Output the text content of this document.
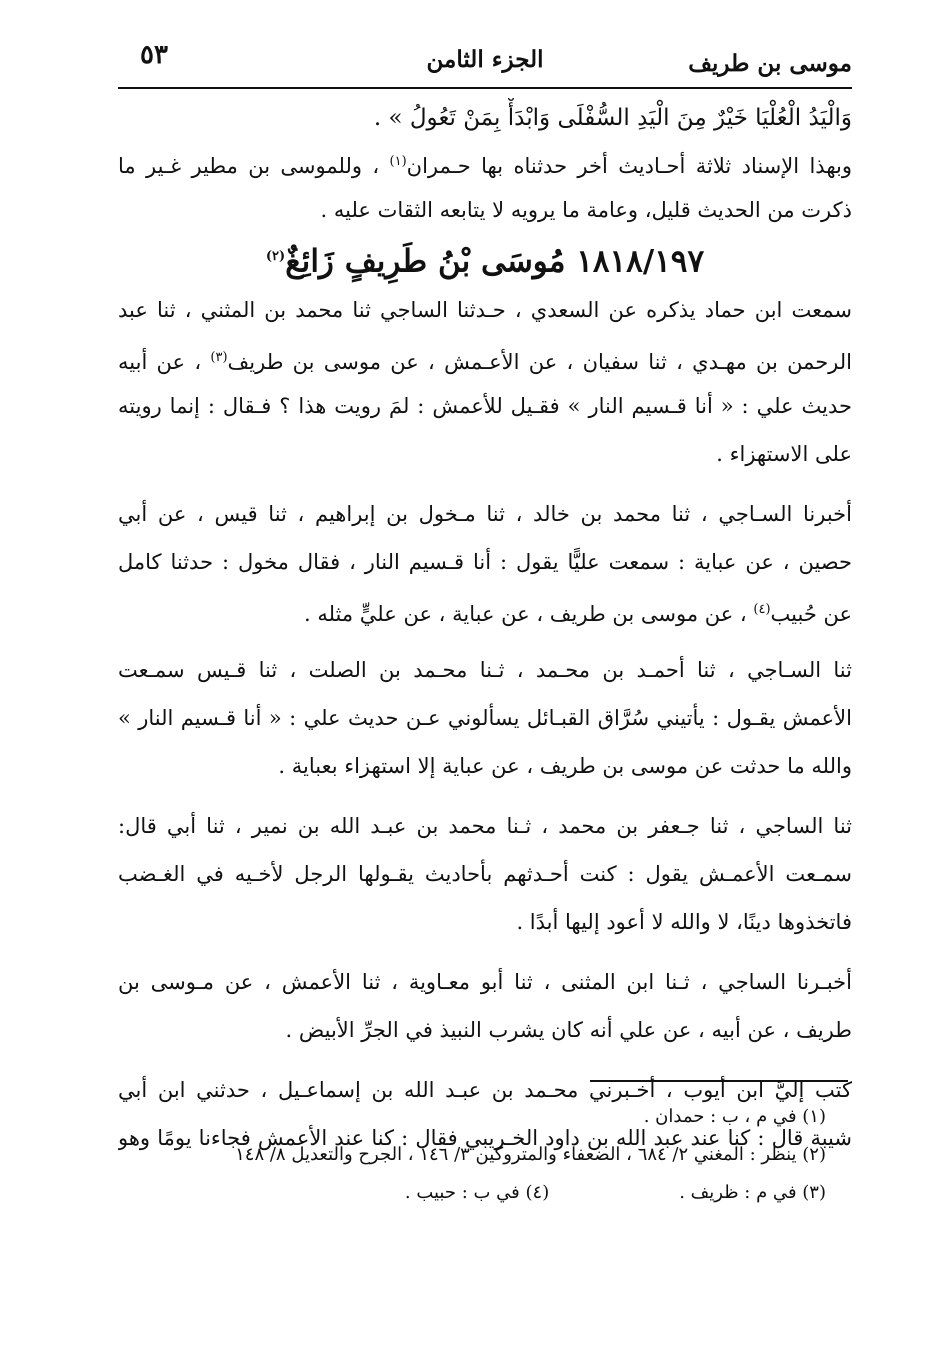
موسى بن طريف
الجزء الثامن
٥٣
وَالْيَدُ الْعُلْيَا خَيْرٌ مِنَ الْيَدِ السُّفْلَى وَابْدَأْ بِمَنْ تَعُولُ » .
وبهذا الإسناد ثلاثة أحـاديث أخر حدثناه بها حـمران$^{(١)}$ ، وللموسى بن مطير غـير ما
ذكرت من الحديث قليل، وعامة ما يرويه لا يتابعه الثقات عليه .
١٨١٨/١٩٧ مُوسَى بْنُ طَرِيفٍ زَائِغٌ$^{(٢)}$
سمعت ابن حماد يذكره عن السعدي ، حـدثنا الساجي ثنا محمد بن المثني ، ثنا عبد
الرحمن بن مهـدي ، ثنا سفيان ، عن الأعـمش ، عن موسى بن طريف$^{(٣)}$ ، عن أبيه
حديث علي : « أنا قـسيم النار » فقـيل للأعمش : لمَ رويت هذا ؟ فـقال : إنما رويته
على الاستهزاء .
أخبرنا السـاجي ، ثنا محمد بن خالد ، ثنا مـخول بن إبراهيم ، ثنا قيس ، عن أبي
حصين ، عن عباية : سمعت عليًّا يقول : أنا قـسيم النار ، فقال مخول : حدثنا كامل
عن حُبيب$^{(٤)}$ ، عن موسى بن طريف ، عن عباية ، عن عليٍّ مثله .
ثنا السـاجي ، ثنا أحمـد بن محـمد ، ثـنا محـمد بن الصلت ، ثنا قـيس سمـعت
الأعمش يقـول : يأتيني سُرَّاق القبـائل يسألوني عـن حديث علي : « أنا قـسيم النار »
والله ما حدثت عن موسى بن طريف ، عن عباية إلا استهزاء بعباية .
ثنا الساجي ، ثنا جـعفر بن محمد ، ثـنا محمد بن عبـد الله بن نمير ، ثنا أبي قال:
سمـعت الأعمـش يقول : كنت أحـدثهم بأحاديث يقـولها الرجل لأخـيه في الغـضب
فاتخذوها دينًا، لا والله لا أعود إليها أبدًا .
أخبـرنا الساجي ، ثـنا ابن المثنى ، ثنا أبو معـاوية ، ثنا الأعمش ، عن مـوسى بن
طريف ، عن أبيه ، عن علي أنه كان يشرب النبيذ في الجرِّ الأبيض .
كتب إليَّ ابن أيوب ، أخـبرني محـمد بن عبـد الله بن إسماعـيل ، حدثني ابن أبي
شيبة قال : كنا عند عبد الله بن داود الخـريبي فقال : كنا عند الأعمش فجاءنا يومًا وهو
(١) في م ، ب : حمدان .
(٢) ينظر : المغني ٢/ ٦٨٤ ، الضعفاء والمتروكين ٣/ ١٤٦ ، الجرح والتعديل ٨/ ١٤٨
(٣) في م : ظريف .(٤) في ب : حبيب .
